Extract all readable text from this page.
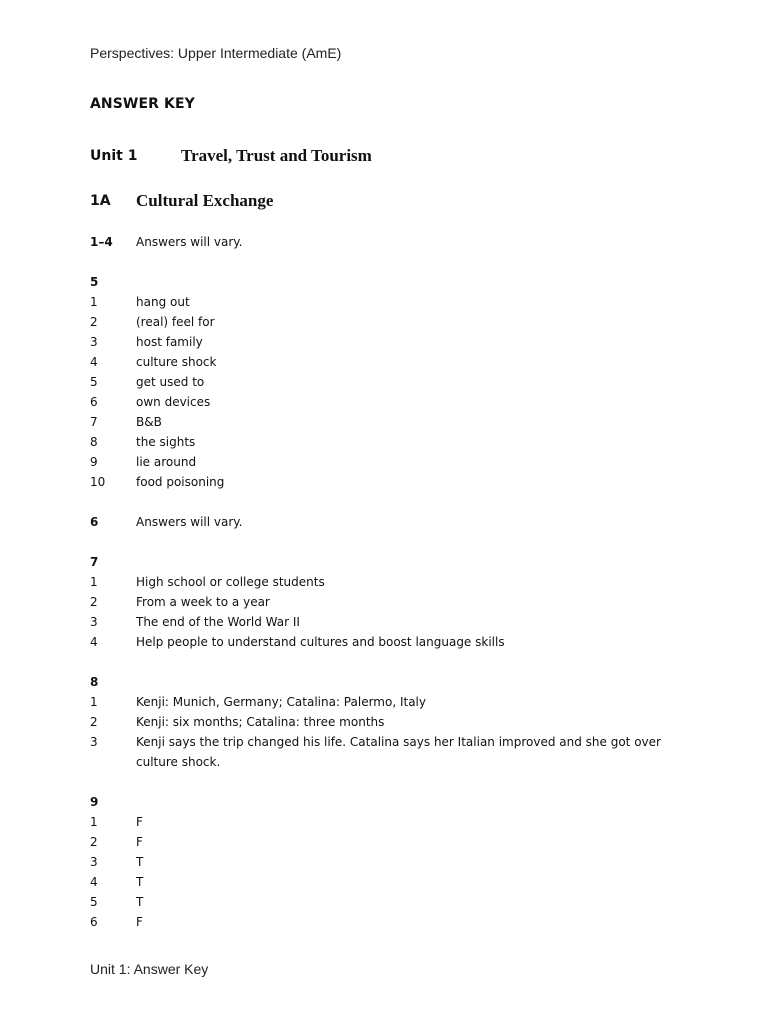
Perspectives: Upper Intermediate (AmE)
ANSWER KEY
Unit 1	Travel, Trust and Tourism
1A Cultural Exchange
1–4	Answers will vary.
5
1	hang out
2	(real) feel for
3	host family
4	culture shock
5	get used to
6	own devices
7	B&B
8	the sights
9	lie around
10	food poisoning
6	Answers will vary.
7
1	High school or college students
2	From a week to a year
3	The end of the World War II
4	Help people to understand cultures and boost language skills
8
1	Kenji: Munich, Germany; Catalina: Palermo, Italy
2	Kenji: six months; Catalina: three months
3	Kenji says the trip changed his life. Catalina says her Italian improved and she got over culture shock.
9
1	F
2	F
3	T
4	T
5	T
6	F
Unit 1: Answer Key
